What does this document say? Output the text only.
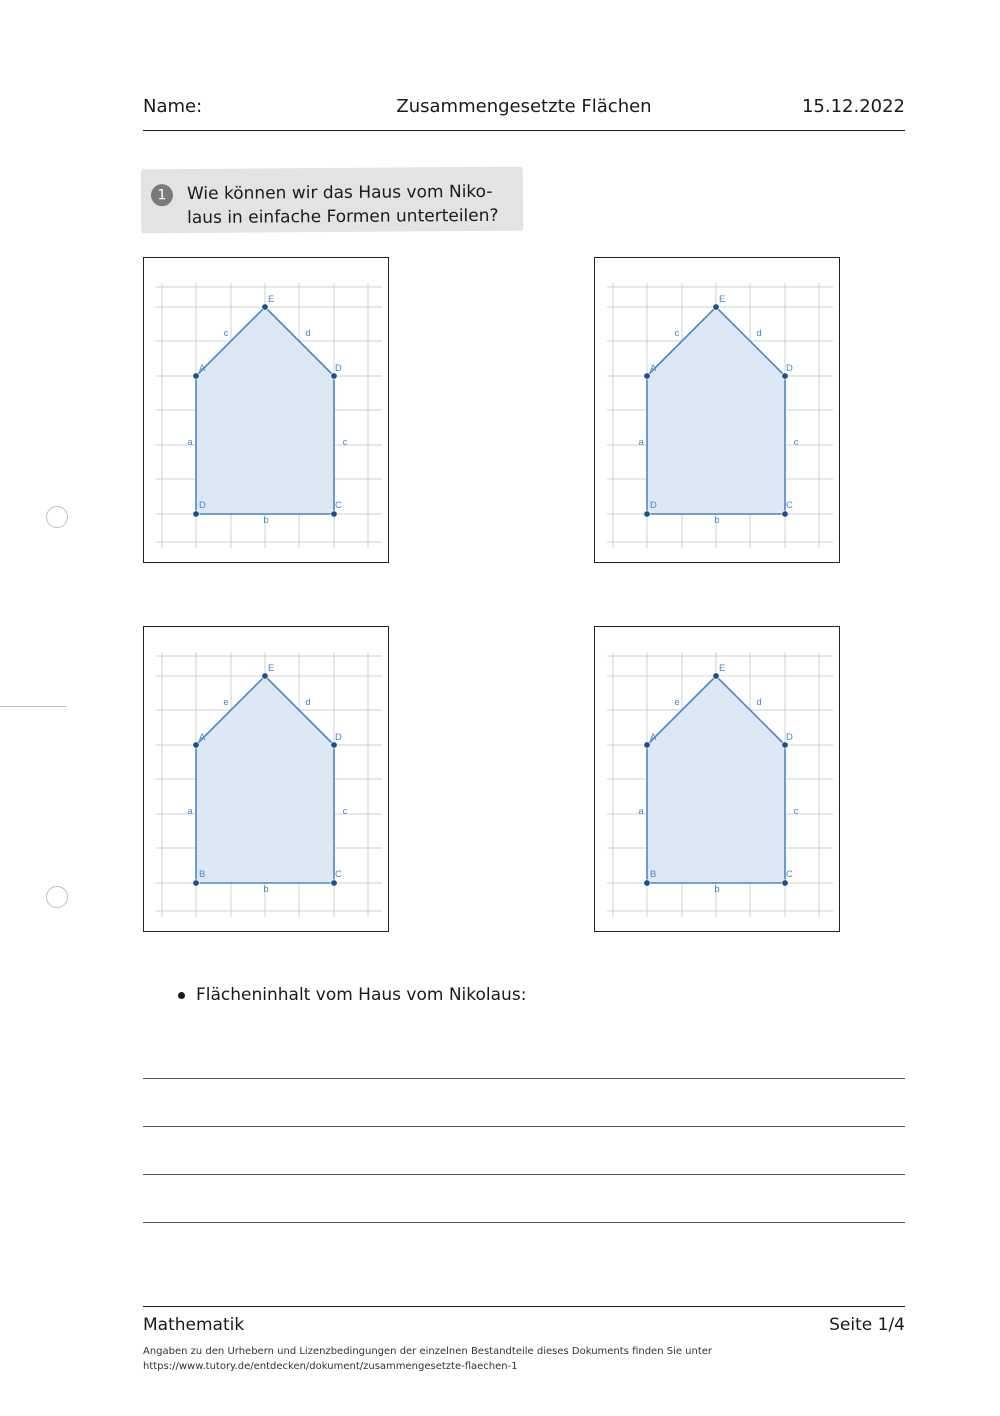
Name:	Zusammengesetzte Flächen	15.12.2022
1	Wie können wir das Haus vom Niko-laus in einfache Formen unterteilen?
A
E
D
C
D
a
b
c
d
c
A
E
D
C
D
a
b
c
d
c
A
E
D
C
B
a
b
c
d
e
A
E
D
C
B
a
b
c
d
e
Flächeninhalt vom Haus vom Nikolaus:
Mathematik	Seite 1/4
Angaben zu den Urhebern und Lizenzbedingungen der einzelnen Bestandteile dieses Dokuments finden Sie unter
https://www.tutory.de/entdecken/dokument/zusammengesetzte-flaechen-1
